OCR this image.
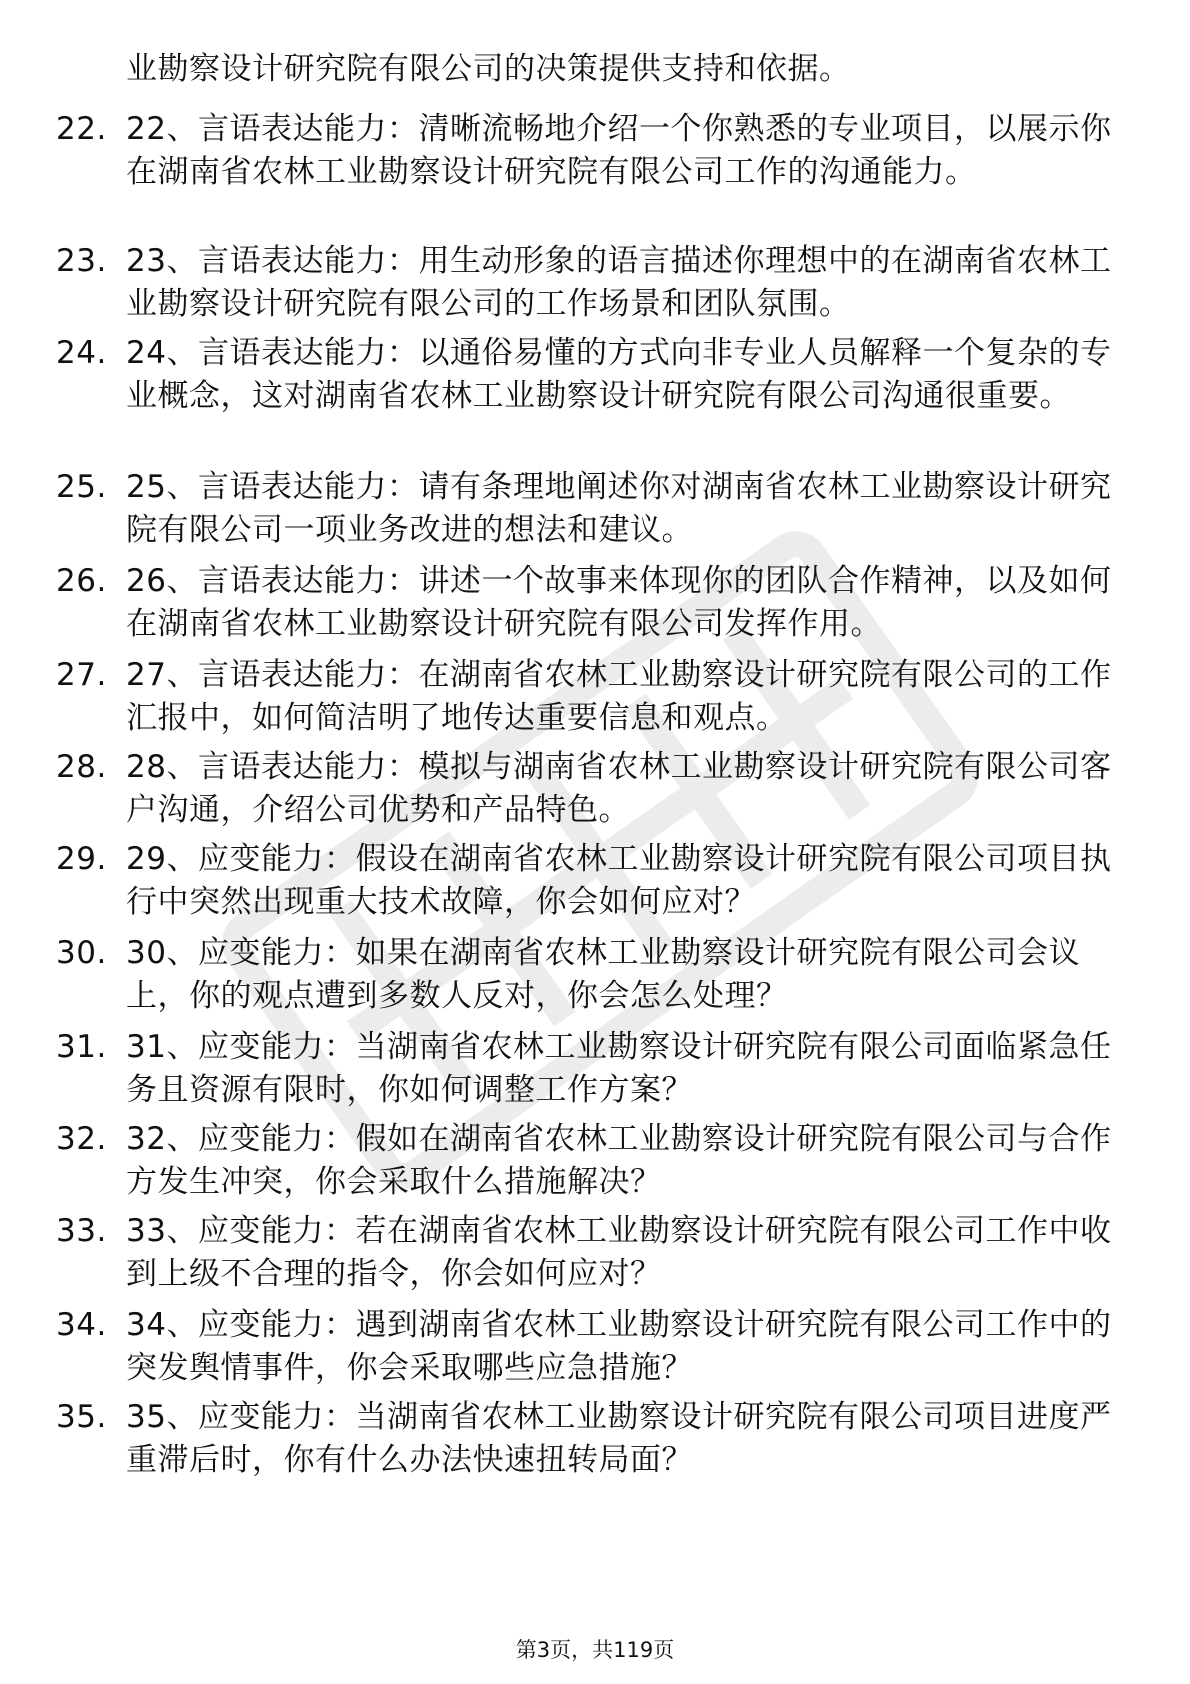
业勘察设计研究院有限公司的决策提供支持和依据。
22. 22、言语表达能力：清晰流畅地介绍一个你熟悉的专业项目，以展示你在湖南省农林工业勘察设计研究院有限公司工作的沟通能力。
23. 23、言语表达能力：用生动形象的语言描述你理想中的在湖南省农林工业勘察设计研究院有限公司的工作场景和团队氛围。
24. 24、言语表达能力：以通俗易懂的方式向非专业人员解释一个复杂的专业概念，这对湖南省农林工业勘察设计研究院有限公司沟通很重要。
25. 25、言语表达能力：请有条理地阐述你对湖南省农林工业勘察设计研究院有限公司一项业务改进的想法和建议。
26. 26、言语表达能力：讲述一个故事来体现你的团队合作精神，以及如何在湖南省农林工业勘察设计研究院有限公司发挥作用。
27. 27、言语表达能力：在湖南省农林工业勘察设计研究院有限公司的工作汇报中，如何简洁明了地传达重要信息和观点。
28. 28、言语表达能力：模拟与湖南省农林工业勘察设计研究院有限公司客户沟通，介绍公司优势和产品特色。
29. 29、应变能力：假设在湖南省农林工业勘察设计研究院有限公司项目执行中突然出现重大技术故障，你会如何应对？
30. 30、应变能力：如果在湖南省农林工业勘察设计研究院有限公司会议上，你的观点遭到多数人反对，你会怎么处理？
31. 31、应变能力：当湖南省农林工业勘察设计研究院有限公司面临紧急任务且资源有限时，你如何调整工作方案？
32. 32、应变能力：假如在湖南省农林工业勘察设计研究院有限公司与合作方发生冲突，你会采取什么措施解决？
33. 33、应变能力：若在湖南省农林工业勘察设计研究院有限公司工作中收到上级不合理的指令，你会如何应对？
34. 34、应变能力：遇到湖南省农林工业勘察设计研究院有限公司工作中的突发舆情事件，你会采取哪些应急措施？
35. 35、应变能力：当湖南省农林工业勘察设计研究院有限公司项目进度严重滞后时，你有什么办法快速扭转局面？
第3页，共119页
